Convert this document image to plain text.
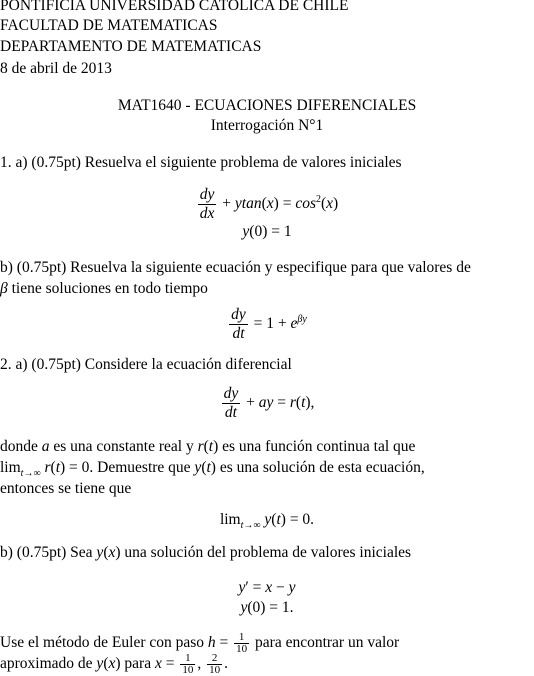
PONTIFICIA UNIVERSIDAD CATOLICA DE CHILE
FACULTAD DE MATEMATICAS
DEPARTAMENTO DE MATEMATICAS
8 de abril de 2013
MAT1640 - ECUACIONES DIFERENCIALES
Interrogación N°1
1. a) (0.75pt) Resuelva el siguiente problema de valores iniciales
$\frac{dy}{dx} + ytan(x) = \cos^2(x)$
y(0) = 1
b) (0.75pt) Resuelva la siguiente ecuación y especifique para que valores de
β tiene soluciones en todo tiempo
$\frac{dy}{dt} = 1 + e^{\beta y}$
2. a) (0.75pt) Considere la ecuación diferencial
$\frac{dy}{dt}$ + ay = r(t),
donde a es una constante real y r(t) es una función continua tal que
$\lim_{t\to\infty} r(t) = 0$. Demuestre que y(t) es una solución de esta ecuación,
entonces se tiene que
$\lim_{t\to\infty} y(t) = 0$.
b) (0.75pt) Sea y(x) una solución del problema de valores iniciales
y′ = x − y
y(0) = 1.
Use el método de Euler con paso $h = \frac{1}{10}$ para encontrar un valor
aproximado de y(x) para $x = \frac{1}{10}$ , $\frac{2}{10}$ .
